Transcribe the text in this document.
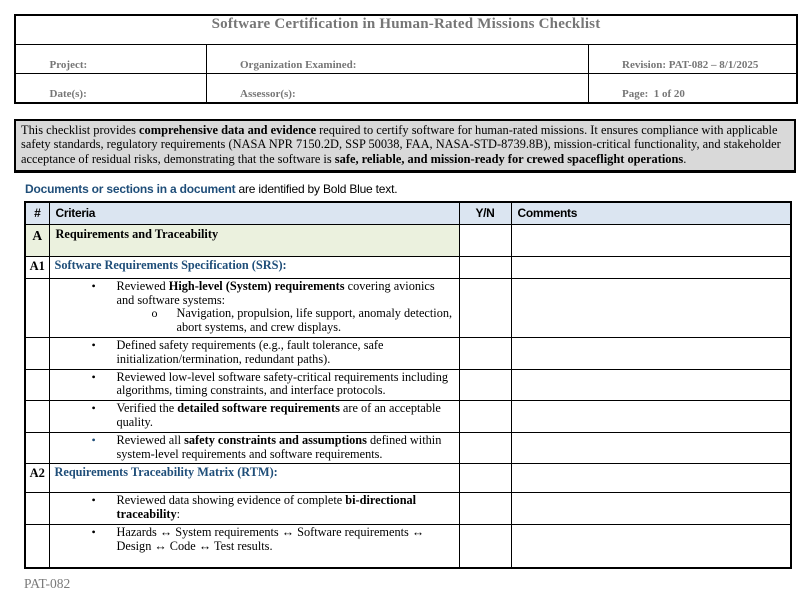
Software Certification in Human-Rated Missions Checklist		

Project:	Organization Examined:	Revision: PAT-082 – 8/1/2025

Date(s):	Assessor(s):	Page:  1 of 20
This checklist provides comprehensive data and evidence required to certify software for human-rated missions. It ensures compliance with applicable safety standards, regulatory requirements (NASA NPR 7150.2D, SSP 50038, FAA, NASA-STD-8739.8B), mission-critical functionality, and stakeholder acceptance of residual risks, demonstrating that the software is safe, reliable, and mission-ready for crewed spaceflight operations.
Documents or sections in a document are identified by Bold Blue text.
#	Criteria	Y/N	Comments
A	Requirements and Traceability		
A1	Software Requirements Specification (SRS):		

	• Reviewed High-level (System) requirements covering avionics and software systems:
o Navigation, propulsion, life support, anomaly detection, abort systems, and crew displays.		

	• Defined safety requirements (e.g., fault tolerance, safe initialization/termination, redundant paths).		

	• Reviewed low-level software safety-critical requirements including algorithms, timing constraints, and interface protocols.		

	• Verified the detailed software requirements are of an acceptable quality.		

	• Reviewed all safety constraints and assumptions defined within system-level requirements and software requirements.		

A2	Requirements Traceability Matrix (RTM):

	• Reviewed data showing evidence of complete bi-directional traceability:		

	• Hazards ↔ System requirements ↔ Software requirements ↔ Design ↔ Code ↔ Test results.		

PAT-082
